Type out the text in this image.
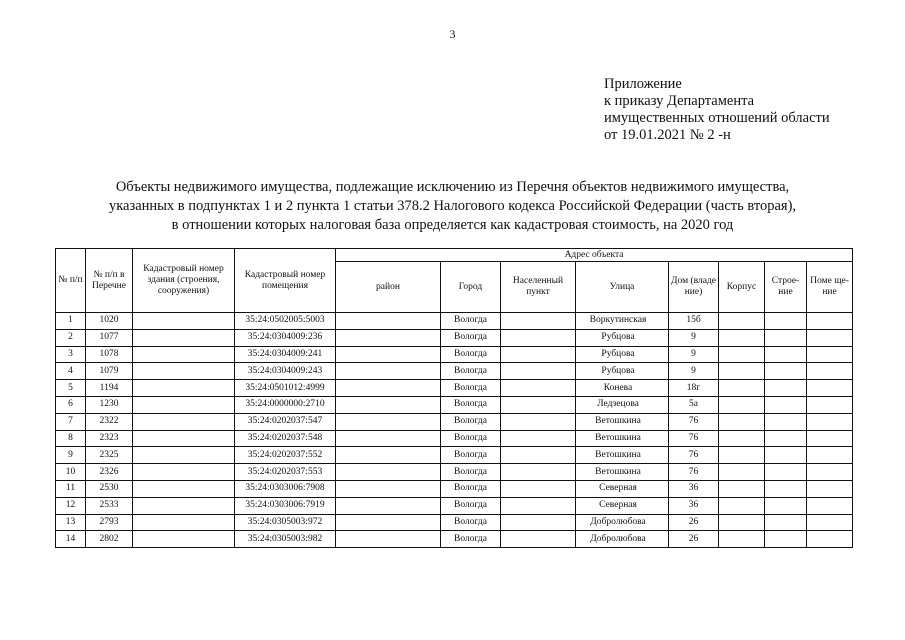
3
Приложение
к приказу Департамента
имущественных отношений области
от 19.01.2021 № 2 -н
Объекты недвижимого имущества, подлежащие исключению из Перечня объектов недвижимого имущества,
указанных в подпунктах 1 и 2 пункта 1 статьи 378.2 Налогового кодекса Российской Федерации (часть вторая),
в отношении которых налоговая база определяется как кадастровая стоимость, на 2020 год
№ п/п	№ п/п в Перечне	Кадастровый номер здания (строения, сооружения)	Кадастровый номер помещения	Адрес объекта							
				район	Город	Населенный пункт	Улица	Дом (владе ние)	Корпус	Строе- ние	Поме ще- ние
1	1020		35:24:0502005:5003		Вологда		Воркутинская	15б			
2	1077		35:24:0304009:236		Вологда		Рубцова	9			
3	1078		35:24:0304009:241		Вологда		Рубцова	9			
4	1079		35:24:0304009:243		Вологда		Рубцова	9			
5	1194		35:24:0501012:4999		Вологда		Конева	18г			
6	1230		35:24:0000000:2710		Вологда		Ледзецова	5а			
7	2322		35:24:0202037:547		Вологда		Ветошкина	76			
8	2323		35:24:0202037:548		Вологда		Ветошкина	76			
9	2325		35:24:0202037:552		Вологда		Ветошкина	76			
10	2326		35:24:0202037:553		Вологда		Ветошкина	76			
11	2530		35:24:0303006:7908		Вологда		Северная	36			
12	2533		35:24:0303006:7919		Вологда		Северная	36			
13	2793		35:24:0305003:972		Вологда		Добролюбова	26			
14	2802		35:24:0305003:982		Вологда		Добролюбова	26			
